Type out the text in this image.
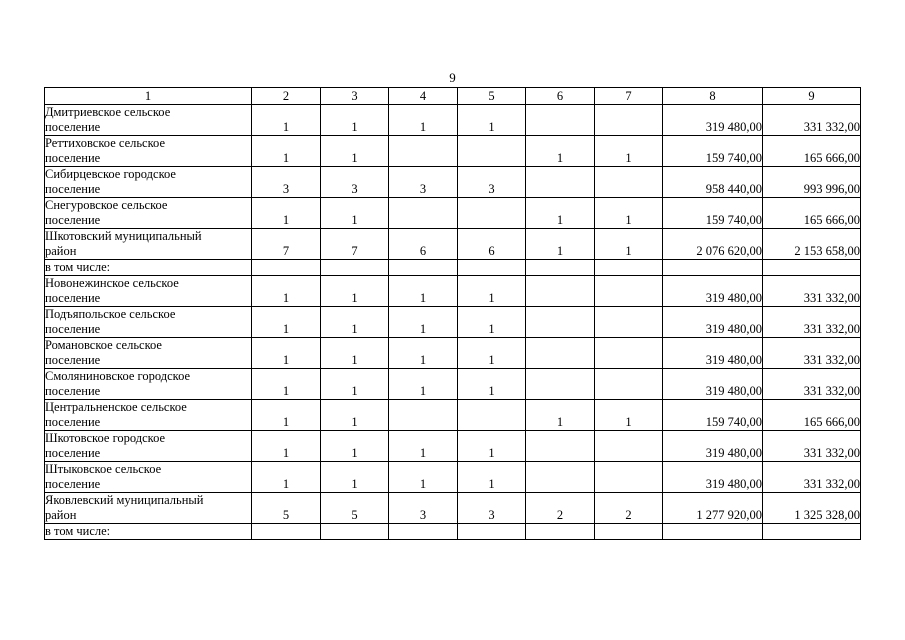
9
1	2	3	4	5	6	7	8	9

Дмитриевское сельское
поселение	1	1	1	1			319 480,00	331 332,00

Реттиховское сельское
поселение	1	1			1	1	159 740,00	165 666,00

Сибирцевское городское
поселение	3	3	3	3			958 440,00	993 996,00

Снегуровское сельское
поселение	1	1			1	1	159 740,00	165 666,00

Шкотовский муниципальный
район	7	7	6	6	1	1	2 076 620,00	2 153 658,00

в том числе:								

Новонежинское сельское
поселение	1	1	1	1			319 480,00	331 332,00

Подъяпольское сельское
поселение	1	1	1	1			319 480,00	331 332,00

Романовское сельское
поселение	1	1	1	1			319 480,00	331 332,00

Смоляниновское городское
поселение	1	1	1	1			319 480,00	331 332,00

Центральненское сельское
поселение	1	1			1	1	159 740,00	165 666,00

Шкотовское городское
поселение	1	1	1	1			319 480,00	331 332,00

Штыковское сельское
поселение	1	1	1	1			319 480,00	331 332,00

Яковлевский муниципальный
район	5	5	3	3	2	2	1 277 920,00	1 325 328,00

в том числе:								
